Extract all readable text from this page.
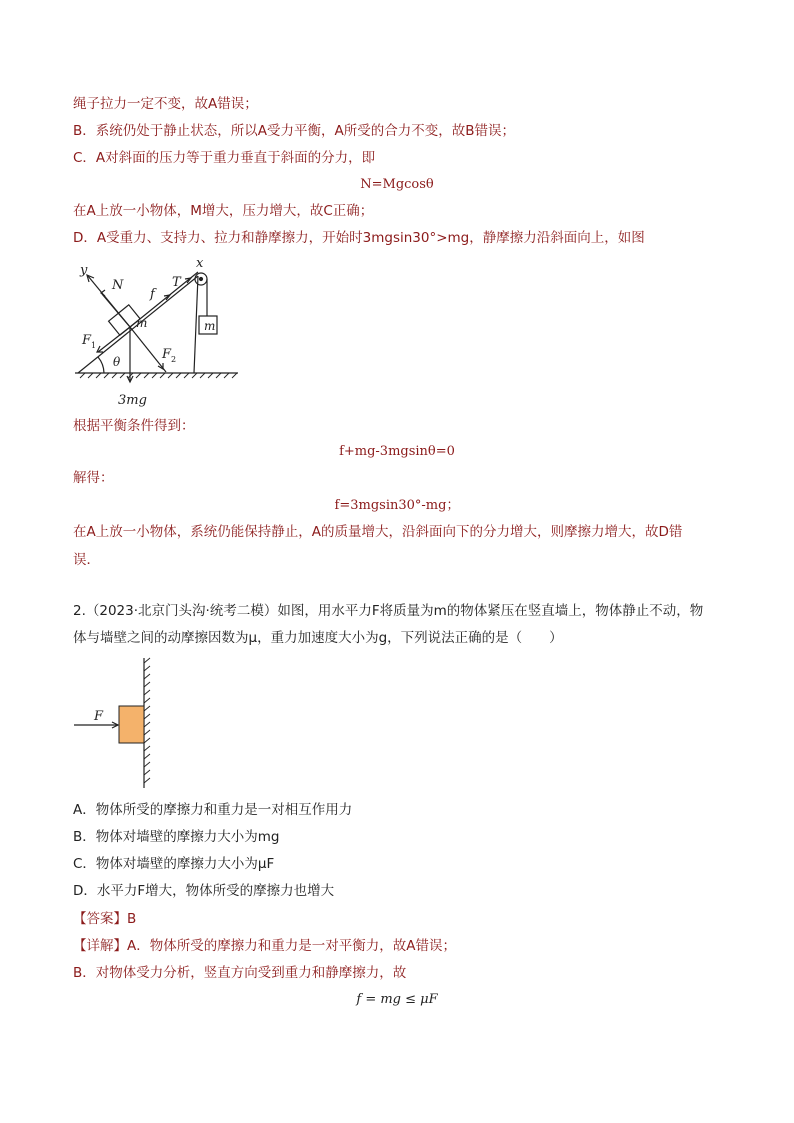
绳子拉力一定不变，故A错误；
B．系统仍处于静止状态，所以A受力平衡，A所受的合力不变，故B错误；
C．A对斜面的压力等于重力垂直于斜面的分力，即
N=Mgcosθ
在A上放一小物体，M增大，压力增大，故C正确；
D．A受重力、支持力、拉力和静摩擦力，开始时3mgsin30°>mg，静摩擦力沿斜面向上，如图
y
N	T
f
x
m	m
F 1
θ	F 2
3mg
根据平衡条件得到：
f+mg-3mgsinθ=0
解得：
f=3mgsin30°-mg；
在A上放一小物体，系统仍能保持静止，A的质量增大，沿斜面向下的分力增大，则摩擦力增大，故D错
误．
2.（2023·北京门头沟·统考二模）如图，用水平力F将质量为m的物体紧压在竖直墙上，物体静止不动，物
体与墙壁之间的动摩擦因数为μ，重力加速度大小为g，下列说法正确的是（　　）
F
A．物体所受的摩擦力和重力是一对相互作用力
B．物体对墙壁的摩擦力大小为mg
C．物体对墙壁的摩擦力大小为μF
D．水平力F增大，物体所受的摩擦力也增大
【答案】B
【详解】A．物体所受的摩擦力和重力是一对平衡力，故A错误；
B．对物体受力分析，竖直方向受到重力和静摩擦力，故
f = mg ≤ μF
